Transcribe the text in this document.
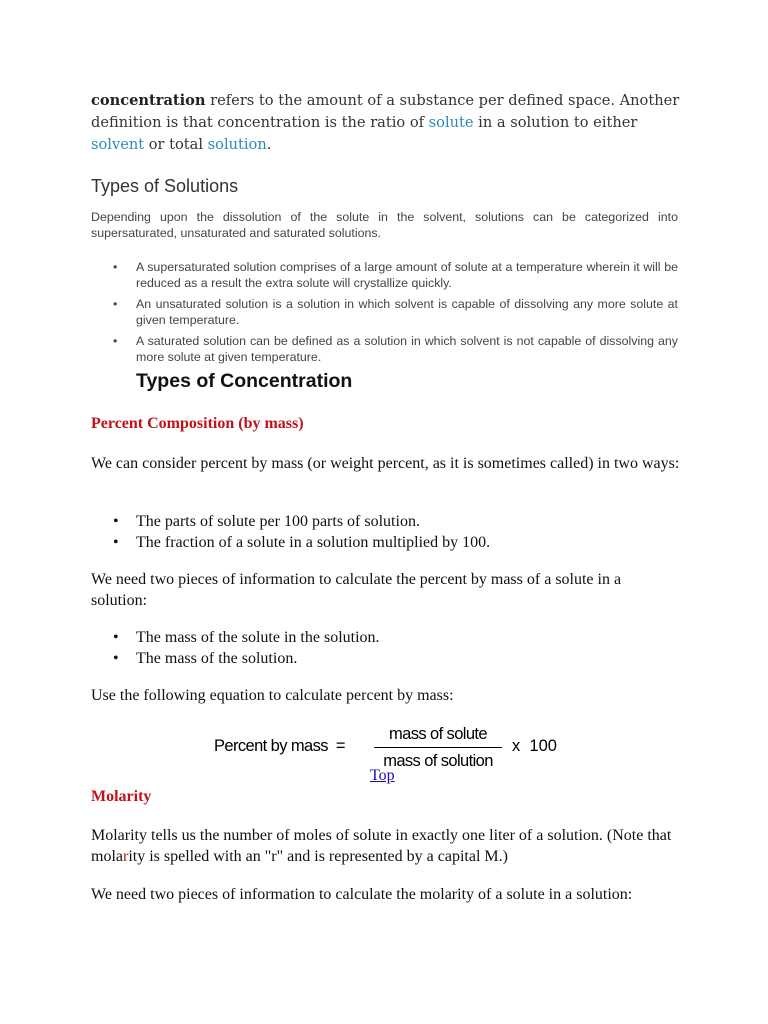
concentration refers to the amount of a substance per defined space. Another definition is that concentration is the ratio of solute in a solution to either solvent or total solution.

Types of Solutions

Depending upon the dissolution of the solute in the solvent, solutions can be categorized into supersaturated, unsaturated and saturated solutions.

• A supersaturated solution comprises of a large amount of solute at a temperature wherein it will be reduced as a result the extra solute will crystallize quickly.
• An unsaturated solution is a solution in which solvent is capable of dissolving any more solute at given temperature.
• A saturated solution can be defined as a solution in which solvent is not capable of dissolving any more solute at given temperature.
Types of Concentration
Percent Composition (by mass)

We can consider percent by mass (or weight percent, as it is sometimes called) in two ways:

• The parts of solute per 100 parts of solution.
• The fraction of a solute in a solution multiplied by 100.

We need two pieces of information to calculate the percent by mass of a solute in a solution:

• The mass of the solute in the solution.
• The mass of the solution.

Use the following equation to calculate percent by mass:

Percent by mass  =
mass of solute
mass of solution
x  100
Top
Molarity

Molarity tells us the number of moles of solute in exactly one liter of a solution. (Note that molarity is spelled with an "r" and is represented by a capital M.)

We need two pieces of information to calculate the molarity of a solute in a solution:
